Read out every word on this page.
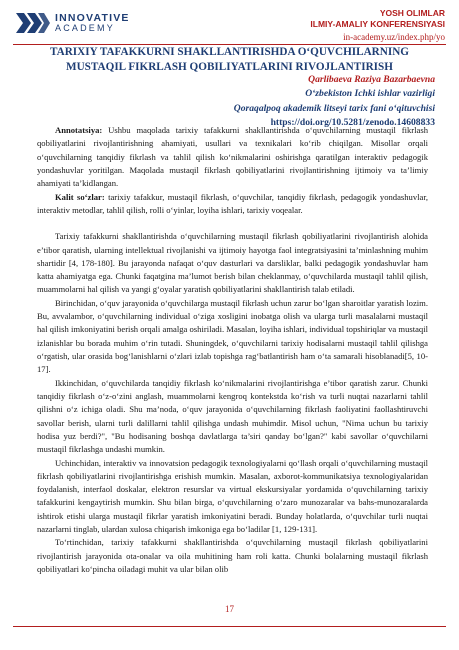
INNOVATIVE
ACADEMY
YOSH OLIMLAR
ILMIY-AMALIY KONFERENSIYASI
in-academy.uz/index.php/yo
TARIXIY TAFAKKURNI SHAKLLANTIRISHDA O‘QUVCHILARNING MUSTAQIL FIKRLASH QOBILIYATLARINI RIVOJLANTIRISH
Qarlibaeva Raziya Bazarbaevna
O‘zbekiston Ichki ishlar vazirligi
Qoraqalpoq akademik litseyi tarix fani o‘qituvchisi
https://doi.org/10.5281/zenodo.14608833

Annotatsiya: Ushbu maqolada tarixiy tafakkurni shakllantirishda o‘quvchilarning mustaqil fikrlash qobiliyatlarini rivojlantirishning ahamiyati, usullari va texnikalari ko‘rib chiqilgan. Misollar orqali o‘quvchilarning tanqidiy fikrlash va tahlil qilish ko‘nikmalarini oshirishga qaratilgan interaktiv pedagogik yondashuvlar yoritilgan. Maqolada mustaqil fikrlash qobiliyatlarini rivojlantirishning ijtimoiy va ta’limiy ahamiyati ta’kidlangan.

Kalit so‘zlar: tarixiy tafakkur, mustaqil fikrlash, o‘quvchilar, tanqidiy fikrlash, pedagogik yondashuvlar, interaktiv metodlar, tahlil qilish, rolli o‘yinlar, loyiha ishlari, tarixiy voqealar.

Tarixiy tafakkurni shakllantirishda o‘quvchilarning mustaqil fikrlash qobiliyatlarini rivojlantirish alohida e’tibor qaratish, ularning intellektual rivojlanishi va ijtimoiy hayotga faol integratsiyasini ta’minlashning muhim shartidir [4, 178-180]. Bu jarayonda nafaqat o‘quv dasturlari va darsliklar, balki pedagogik yondashuvlar ham katta ahamiyatga ega. Chunki faqatgina ma’lumot berish bilan cheklanmay, o‘quvchilarda mustaqil tahlil qilish, muammolarni hal qilish va yangi g‘oyalar yaratish qobiliyatlarini shakllantirish talab etiladi.

Birinchidan, o‘quv jarayonida o‘quvchilarga mustaqil fikrlash uchun zarur bo‘lgan sharoitlar yaratish lozim. Bu, avvalambor, o‘quvchilarning individual o‘ziga xosligini inobatga olish va ularga turli masalalarni mustaqil hal qilish imkoniyatini berish orqali amalga oshiriladi. Masalan, loyiha ishlari, individual topshiriqlar va mustaqil izlanishlar bu borada muhim o‘rin tutadi. Shuningdek, o‘quvchilarni tarixiy hodisalarni mustaqil tahlil qilishga o‘rgatish, ular orasida bog‘lanishlarni o‘zlari izlab topishga rag‘batlantirish ham o‘ta samarali hisoblanadi[5, 10-17].

Ikkinchidan, o‘quvchilarda tanqidiy fikrlash ko‘nikmalarini rivojlantirishga e’tibor qaratish zarur. Chunki tanqidiy fikrlash o‘z-o‘zini anglash, muammolarni kengroq kontekstda ko‘rish va turli nuqtai nazarlarni tahlil qilishni o‘z ichiga oladi. Shu ma’noda, o‘quv jarayonida o‘quvchilarning fikrlash faoliyatini faollashtiruvchi savollar berish, ularni turli dalillarni tahlil qilishga undash muhimdir. Misol uchun, "Nima uchun bu tarixiy hodisa yuz berdi?", "Bu hodisaning boshqa davlatlarga ta’siri qanday bo‘lgan?" kabi savollar o‘quvchilarni mustaqil fikrlashga undashi mumkin.

Uchinchidan, interaktiv va innovatsion pedagogik texnologiyalarni qo‘llash orqali o‘quvchilarning mustaqil fikrlash qobiliyatlarini rivojlantirishga erishish mumkin. Masalan, axborot-kommunikatsiya texnologiyalaridan foydalanish, interfaol doskalar, elektron resurslar va virtual ekskursiyalar yordamida o‘quvchilarning tarixiy tafakkurini kengaytirish mumkin. Shu bilan birga, o‘quvchilarning o‘zaro munozaralar va bahs-munozaralarda ishtirok etishi ularga mustaqil fikrlar yaratish imkoniyatini beradi. Bunday holatlarda, o‘quvchilar turli nuqtai nazarlarni tinglab, ulardan xulosa chiqarish imkoniga ega bo‘ladilar [1, 129-131].

To‘rtinchidan, tarixiy tafakkurni shakllantirishda o‘quvchilarning mustaqil fikrlash qobiliyatlarini rivojlantirish jarayonida ota-onalar va oila muhitining ham roli katta. Chunki bolalarning mustaqil fikrlash qobiliyatlari ko‘pincha oiladagi muhit va ular bilan olib

17
